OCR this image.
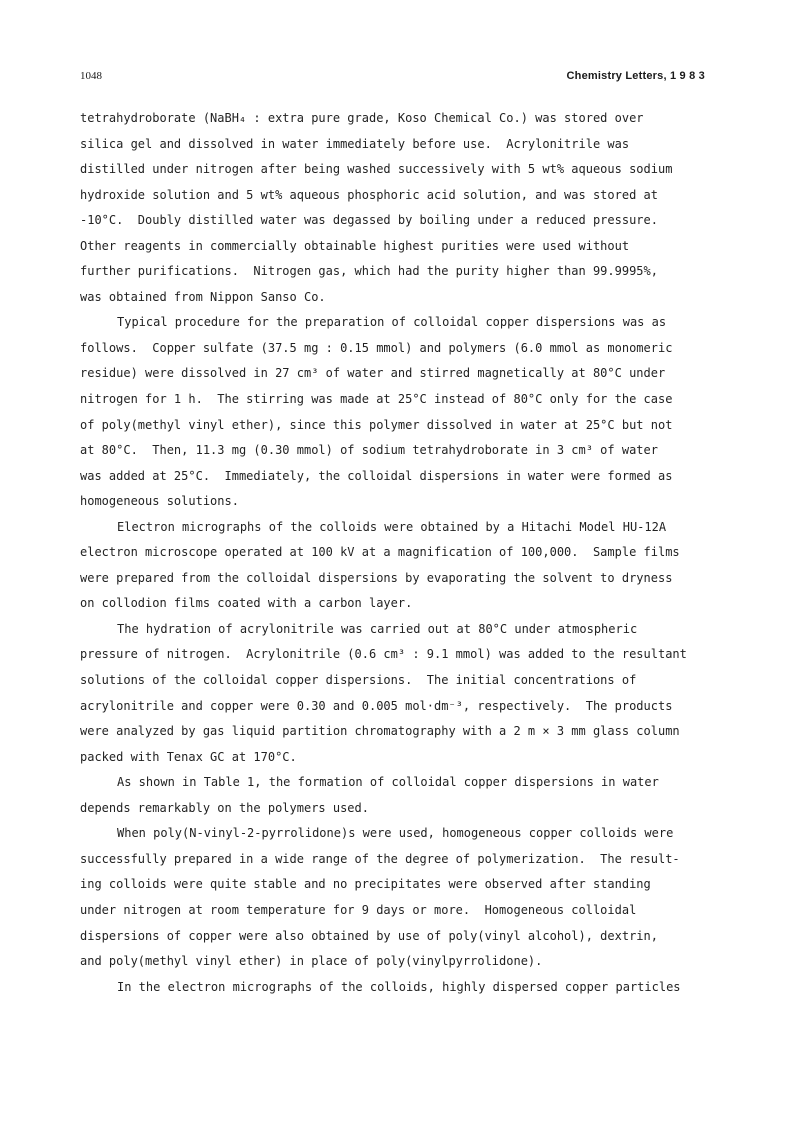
1048	Chemistry Letters, 1 9 8 3

tetrahydroborate (NaBH₄ : extra pure grade, Koso Chemical Co.) was stored over
silica gel and dissolved in water immediately before use.  Acrylonitrile was
distilled under nitrogen after being washed successively with 5 wt% aqueous sodium
hydroxide solution and 5 wt% aqueous phosphoric acid solution, and was stored at
-10°C.  Doubly distilled water was degassed by boiling under a reduced pressure.
Other reagents in commercially obtainable highest purities were used without
further purifications.  Nitrogen gas, which had the purity higher than 99.9995%,
was obtained from Nippon Sanso Co.

Typical procedure for the preparation of colloidal copper dispersions was as
follows.  Copper sulfate (37.5 mg : 0.15 mmol) and polymers (6.0 mmol as monomeric
residue) were dissolved in 27 cm³ of water and stirred magnetically at 80°C under
nitrogen for 1 h.  The stirring was made at 25°C instead of 80°C only for the case
of poly(methyl vinyl ether), since this polymer dissolved in water at 25°C but not
at 80°C.  Then, 11.3 mg (0.30 mmol) of sodium tetrahydroborate in 3 cm³ of water
was added at 25°C.  Immediately, the colloidal dispersions in water were formed as
homogeneous solutions.

Electron micrographs of the colloids were obtained by a Hitachi Model HU-12A
electron microscope operated at 100 kV at a magnification of 100,000.  Sample films
were prepared from the colloidal dispersions by evaporating the solvent to dryness
on collodion films coated with a carbon layer.

The hydration of acrylonitrile was carried out at 80°C under atmospheric
pressure of nitrogen.  Acrylonitrile (0.6 cm³ : 9.1 mmol) was added to the resultant
solutions of the colloidal copper dispersions.  The initial concentrations of
acrylonitrile and copper were 0.30 and 0.005 mol·dm⁻³, respectively.  The products
were analyzed by gas liquid partition chromatography with a 2 m × 3 mm glass column
packed with Tenax GC at 170°C.

As shown in Table 1, the formation of colloidal copper dispersions in water
depends remarkably on the polymers used.

When poly(N-vinyl-2-pyrrolidone)s were used, homogeneous copper colloids were
successfully prepared in a wide range of the degree of polymerization.  The result-
ing colloids were quite stable and no precipitates were observed after standing
under nitrogen at room temperature for 9 days or more.  Homogeneous colloidal
dispersions of copper were also obtained by use of poly(vinyl alcohol), dextrin,
and poly(methyl vinyl ether) in place of poly(vinylpyrrolidone).

In the electron micrographs of the colloids, highly dispersed copper particles
